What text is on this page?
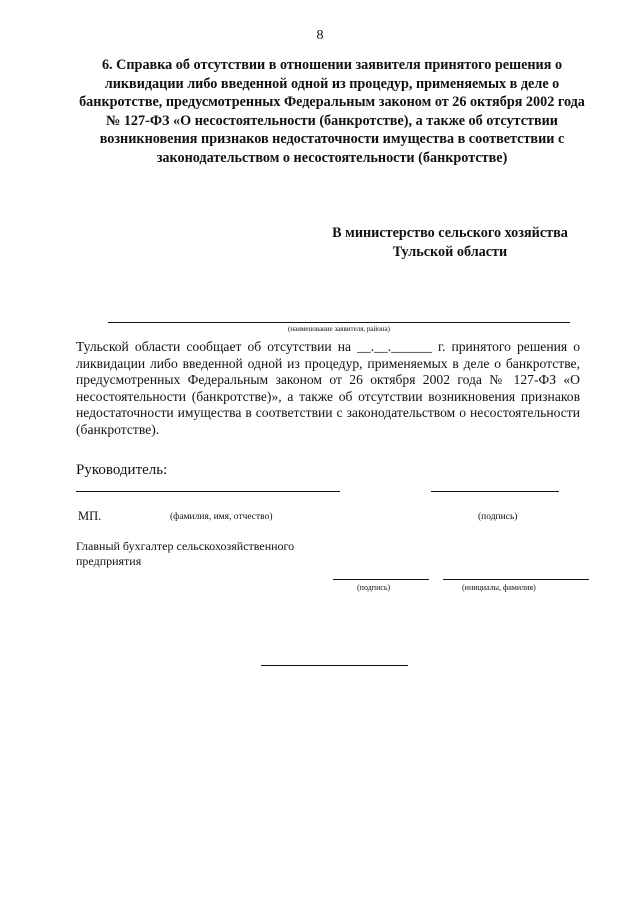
8
6. Справка об отсутствии в отношении заявителя принятого решения о ликвидации либо введенной одной из процедур, применяемых в деле о банкротстве, предусмотренных Федеральным законом от 26 октября 2002 года № 127-ФЗ «О несостоятельности (банкротстве), а также об отсутствии возникновения признаков недостаточности имущества в соответствии с законодательством о несостоятельности (банкротстве)
В министерство сельского хозяйства
Тульской области
(наименование заявителя, района)
Тульской области сообщает об отсутствии на __.__.______ г. принятого решения о ликвидации либо введенной одной из процедур, применяемых в деле о банкротстве, предусмотренных Федеральным законом от 26 октября 2002 года № 127-ФЗ «О несостоятельности (банкротстве)», а также об отсутствии возникновения признаков недостаточности имущества в соответствии с законодательством о несостоятельности (банкротстве).
Руководитель:
МП.	(фамилия, имя, отчество)	(подпись)
Главный бухгалтер сельскохозяйственного предприятия
(подпись)	(инициалы, фамилия)
